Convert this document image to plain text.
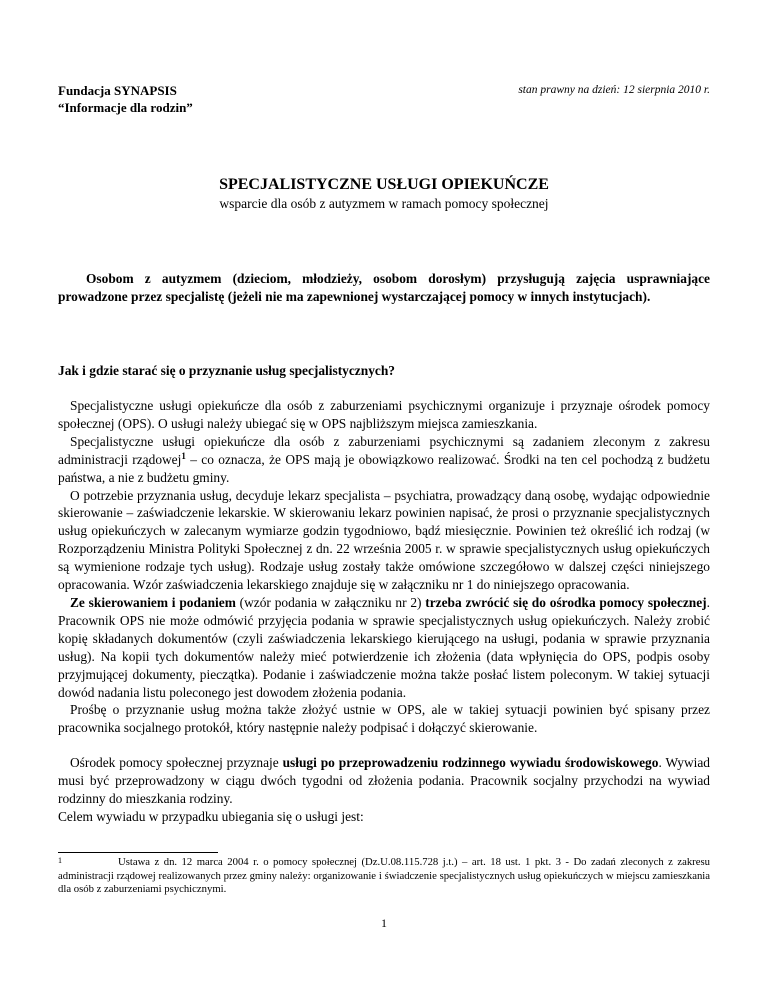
Fundacja SYNAPSIS
“Informacje dla rodzin”
stan prawny na dzień: 12 sierpnia 2010 r.
SPECJALISTYCZNE USŁUGI OPIEKUŃCZE
wsparcie dla osób z autyzmem w ramach pomocy społecznej

Osobom z autyzmem (dzieciom, młodzieży, osobom dorosłym) przysługują zajęcia usprawniające prowadzone przez specjalistę (jeżeli nie ma zapewnionej wystarczającej pomocy w innych instytucjach).

Jak i gdzie starać się o przyznanie usług specjalistycznych?

Specjalistyczne usługi opiekuńcze dla osób z zaburzeniami psychicznymi organizuje i przyznaje ośrodek pomocy społecznej (OPS). O usługi należy ubiegać się w OPS najbliższym miejsca zamieszkania.

Specjalistyczne usługi opiekuńcze dla osób z zaburzeniami psychicznymi są zadaniem zleconym z zakresu administracji rządowej$^1$ – co oznacza, że OPS mają je obowiązkowo realizować. Środki na ten cel pochodzą z budżetu państwa, a nie z budżetu gminy.

O potrzebie przyznania usług, decyduje lekarz specjalista – psychiatra, prowadzący daną osobę, wydając odpowiednie skierowanie – zaświadczenie lekarskie. W skierowaniu lekarz powinien napisać, że prosi o przyznanie specjalistycznych usług opiekuńczych w zalecanym wymiarze godzin tygodniowo, bądź miesięcznie. Powinien też określić ich rodzaj (w Rozporządzeniu Ministra Polityki Społecznej z dn. 22 września 2005 r. w sprawie specjalistycznych usług opiekuńczych są wymienione rodzaje tych usług). Rodzaje usług zostały także omówione szczegółowo w dalszej części niniejszego opracowania. Wzór zaświadczenia lekarskiego znajduje się w załączniku nr 1 do niniejszego opracowania.

Ze skierowaniem i podaniem (wzór podania w załączniku nr 2) trzeba zwrócić się do ośrodka pomocy społecznej. Pracownik OPS nie może odmówić przyjęcia podania w sprawie specjalistycznych usług opiekuńczych. Należy zrobić kopię składanych dokumentów (czyli zaświadczenia lekarskiego kierującego na usługi, podania w sprawie przyznania usług). Na kopii tych dokumentów należy mieć potwierdzenie ich złożenia (data wpłynięcia do OPS, podpis osoby przyjmującej dokumenty, pieczątka). Podanie i zaświadczenie można także posłać listem poleconym. W takiej sytuacji dowód nadania listu poleconego jest dowodem złożenia podania.

Prośbę o przyznanie usług można także złożyć ustnie w OPS, ale w takiej sytuacji powinien być spisany przez pracownika socjalnego protokół, który następnie należy podpisać i dołączyć skierowanie.

Ośrodek pomocy społecznej przyznaje usługi po przeprowadzeniu rodzinnego wywiadu środowiskowego. Wywiad musi być przeprowadzony w ciągu dwóch tygodni od złożenia podania. Pracownik socjalny przychodzi na wywiad rodzinny do mieszkania rodziny.

Celem wywiadu w przypadku ubiegania się o usługi jest:

1	Ustawa z dn. 12 marca 2004 r. o pomocy społecznej (Dz.U.08.115.728 j.t.) – art. 18 ust. 1 pkt. 3 - Do zadań zleconych z zakresu administracji rządowej realizowanych przez gminy należy: organizowanie i świadczenie specjalistycznych usług opiekuńczych w miejscu zamieszkania dla osób z zaburzeniami psychicznymi.

1
